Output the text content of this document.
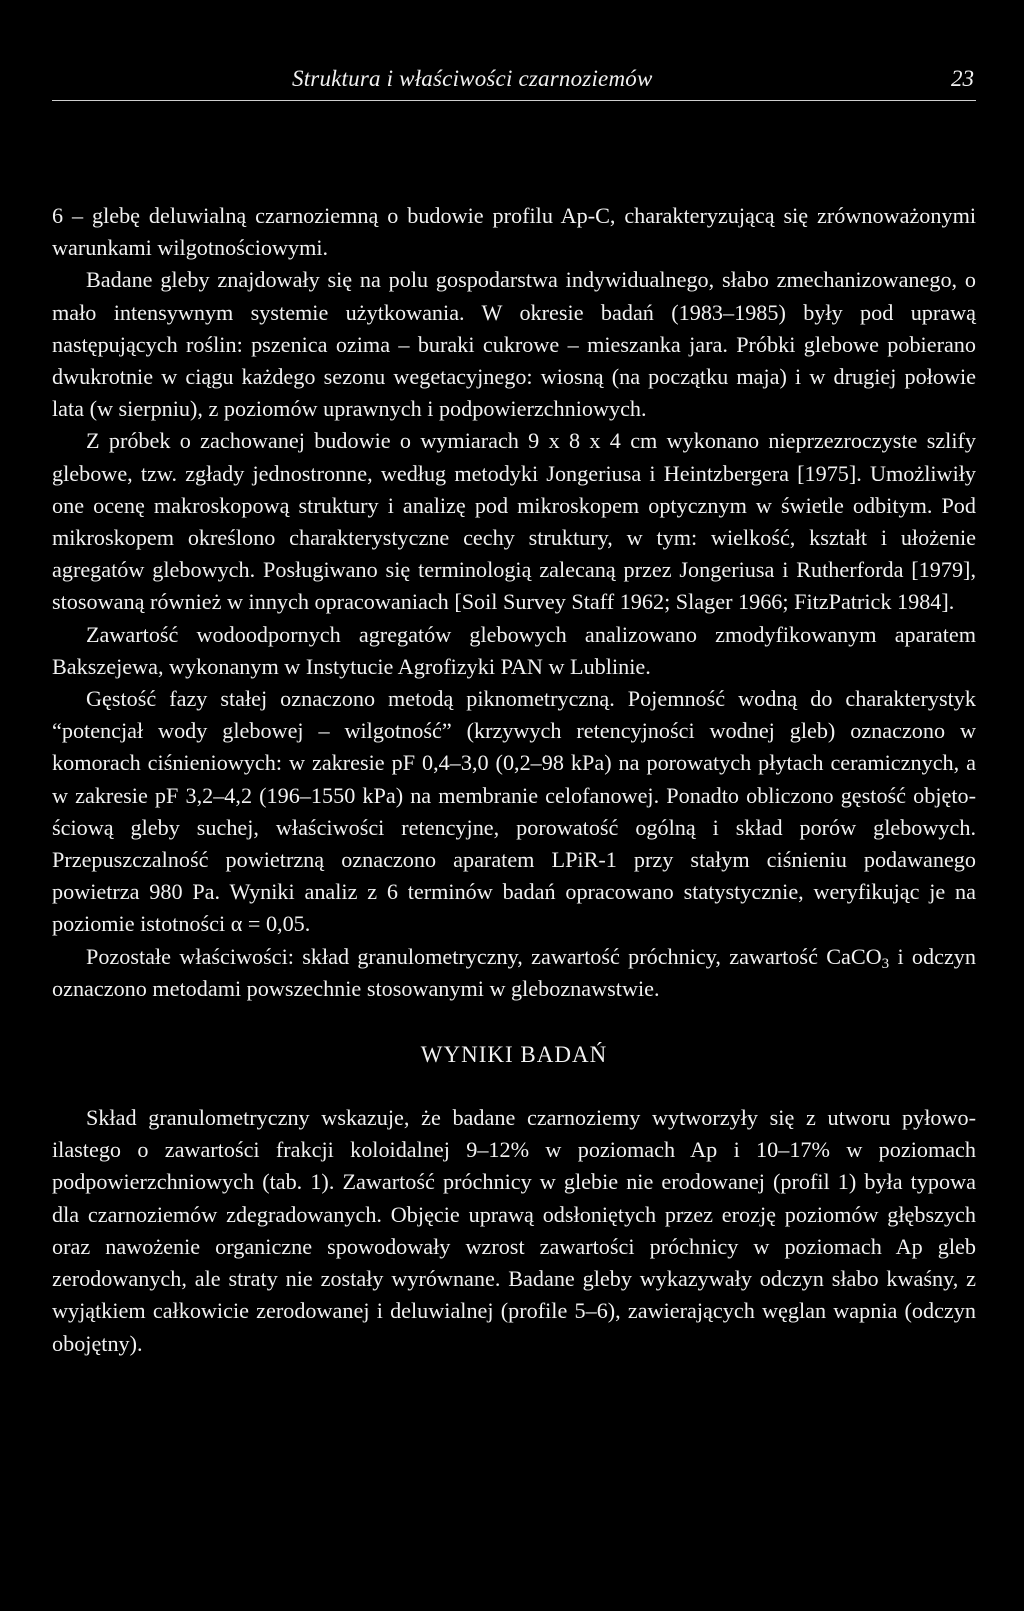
Struktura i właściwości czarnoziemów	23

6 – glebę deluwialną czarnoziemną o budowie profilu Ap-C, charakteryzującą się zrównoważonymi warunkami wilgotnościowymi.

Badane gleby znajdowały się na polu gospodarstwa indywidualnego, słabo zmechanizowanego, o mało intensywnym systemie użytkowania. W okresie badań (1983–1985) były pod uprawą następujących roślin: pszenica ozima – buraki cukrowe – mieszanka jara. Próbki glebowe pobierano dwukrotnie w ciągu każdego sezonu wegetacyjnego: wiosną (na początku maja) i w drugiej połowie lata (w sierpniu), z poziomów uprawnych i podpowierzchniowych.

Z próbek o zachowanej budowie o wymiarach 9 x 8 x 4 cm wykonano nieprzezroczyste szlify glebowe, tzw. zgłady jednostronne, według metodyki Jongeriusa i Heintzbergera [1975]. Umożliwiły one ocenę makroskopową struktury i analizę pod mikroskopem optycznym w świetle odbitym. Pod mikroskopem określono charakterystyczne cechy struktury, w tym: wielkość, kształt i ułożenie agregatów glebowych. Posługiwano się terminologią zalecaną przez Jongeriusa i Rutherforda [1979], stosowaną również w innych opracowaniach [Soil Survey Staff 1962; Slager 1966; FitzPatrick 1984].

Zawartość wodoodpornych agregatów glebowych analizowano zmodyfikowanym aparatem Bakszejewa, wykonanym w Instytucie Agrofizyki PAN w Lublinie.

Gęstość fazy stałej oznaczono metodą piknometryczną. Pojemność wodną do charakterystyk “potencjał wody glebowej – wilgotność” (krzywych retencyjności wodnej gleb) oznaczono w komorach ciśnieniowych: w zakresie pF 0,4–3,0 (0,2–98 kPa) na porowatych płytach ceramicznych, a w zakresie pF 3,2–4,2 (196–1550 kPa) na membranie celofanowej. Ponadto obliczono gęstość objętościową gleby suchej, właściwości retencyjne, porowatość ogólną i skład porów glebowych. Przepuszczalność powietrzną oznaczono aparatem LPiR-1 przy stałym ciśnieniu podawanego powietrza 980 Pa. Wyniki analiz z 6 terminów badań opracowano statystycznie, weryfikując je na poziomie istotności α = 0,05.

Pozostałe właściwości: skład granulometryczny, zawartość próchnicy, zawartość CaCO$_3$ i odczyn oznaczono metodami powszechnie stosowanymi w gleboznawstwie.

WYNIKI BADAŃ

Skład granulometryczny wskazuje, że badane czarnoziemy wytworzyły się z utworu pyłowo-ilastego o zawartości frakcji koloidalnej 9–12% w poziomach Ap i 10–17% w poziomach podpowierzchniowych (tab. 1). Zawartość próchnicy w glebie nie erodowanej (profil 1) była typowa dla czarnoziemów zdegradowanych. Objęcie uprawą odsłoniętych przez erozję poziomów głębszych oraz nawożenie organiczne spowodowały wzrost zawartości próchnicy w poziomach Ap gleb zerodowanych, ale straty nie zostały wyrównane. Badane gleby wykazywały odczyn słabo kwaśny, z wyjątkiem całkowicie zerodowanej i deluwialnej (profile 5–6), zawierających węglan wapnia (odczyn obojętny).
